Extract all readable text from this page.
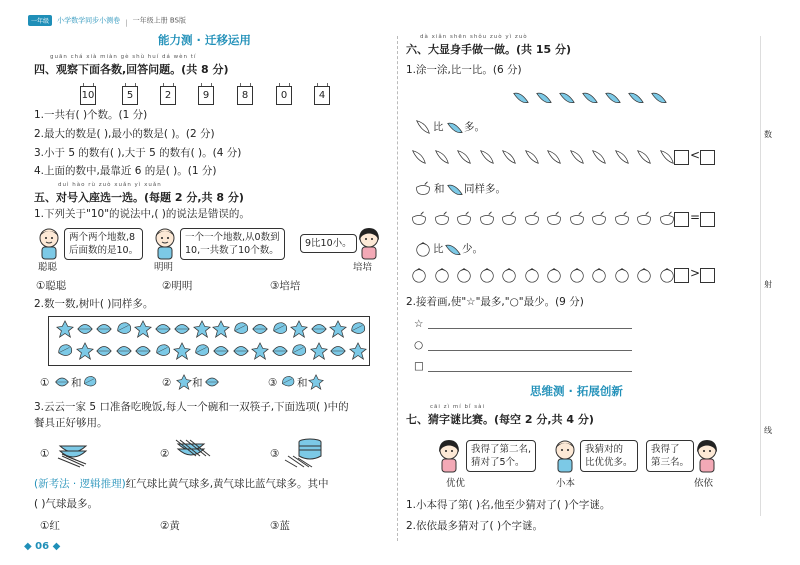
一年级 小学数学同步小测卷 | 一年级上册 BS版
能力测 · 迁移运用
guān chá xià miàn gè shù huí dá wèn tí
四、观察下面各数,回答问题。(共 8 分)
10	5	2	9	8	0	4
1.一共有( )个数。(1 分)
2.最大的数是( ),最小的数是( )。(2 分)
3.小于 5 的数有( ),大于 5 的数有( )。(4 分)
4.上面的数中,最靠近 6 的是( )。(1 分)
duì hào rù zuò xuǎn yì xuǎn
五、对号入座选一选。(每题 2 分,共 8 分)
1.下列关于"10"的说法中,( )的说法是错误的。
两个两个地数,8
后面数的是10。
一个一个地数,从0数到
10,一共数了10个数。
9比10小。
聪聪	明明	培培
①聪聪	②明明	③培培
2.数一数,树叶( )同样多。
① 和	② 和	③ 和
3.云云一家 5 口准备吃晚饭,每人一个碗和一双筷子,下面选项( )中的
餐具正好够用。
①	②	③
(新考法 · 逻辑推理)红气球比黄气球多,黄气球比蓝气球多。其中
( )气球最多。
①红	②黄	③蓝
◆ 06 ◆
dà xiǎn shēn shǒu zuò yì zuò
六、大显身手做一做。(共 15 分)
1.涂一涂,比一比。(6 分)
比 多。
<
和 同样多。
=
比 少。
>
2.接着画,使"☆"最多,"○"最少。(9 分)
☆
○
□
思维测 · 拓展创新
cāi zì mí bǐ sài
七、猜字谜比赛。(每空 2 分,共 4 分)
我得了第二名,
猜对了5个。
我猜对的
比优优多。
我得了
第三名。
优优	小本	依依
1.小本得了第( )名,他至少猜对了( )个字谜。
2.依依最多猜对了( )个字谜。
数
射
线
